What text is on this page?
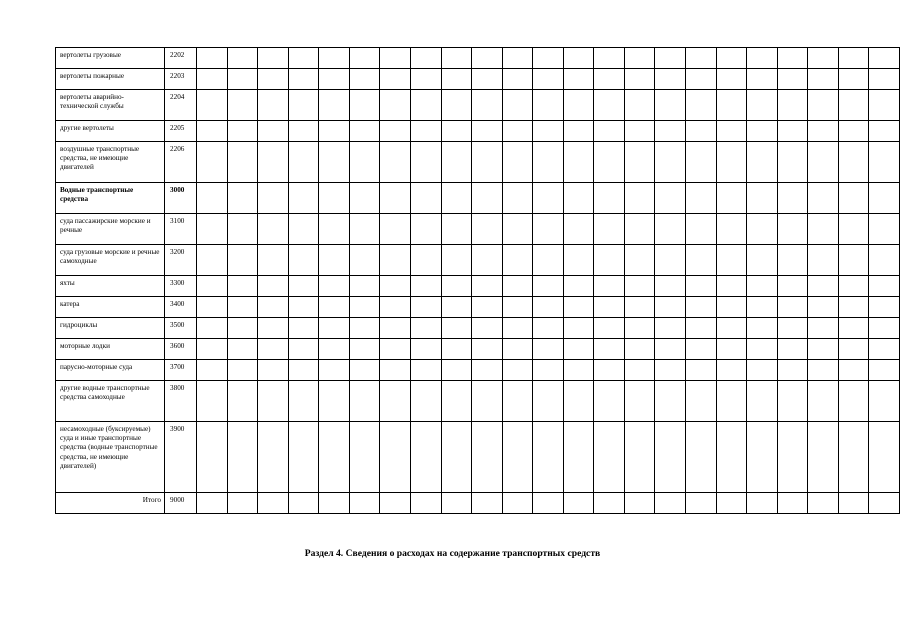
вертолеты грузовые	2202																							
вертолеты пожарные	2203																							
вертолеты аварийно-технической службы	2204																							
другие вертолеты	2205																							
воздушные транспортные средства, не имеющие двигателей	2206																							
Водные транспортные средства	3000																							
суда пассажирские морские и речные	3100																							
суда грузовые морские и речные самоходные	3200																							
яхты	3300																							
катера	3400																							
гидроциклы	3500																							
моторные лодки	3600																							
парусно-моторные суда	3700																							
другие водные транспортные средства самоходные	3800																							
несамоходные (буксируемые) суда и иные транспортные средства (водные транспортные средства, не имеющие двигателей)	3900																							
Итого	9000																							
Раздел 4. Сведения о расходах на содержание транспортных средств
